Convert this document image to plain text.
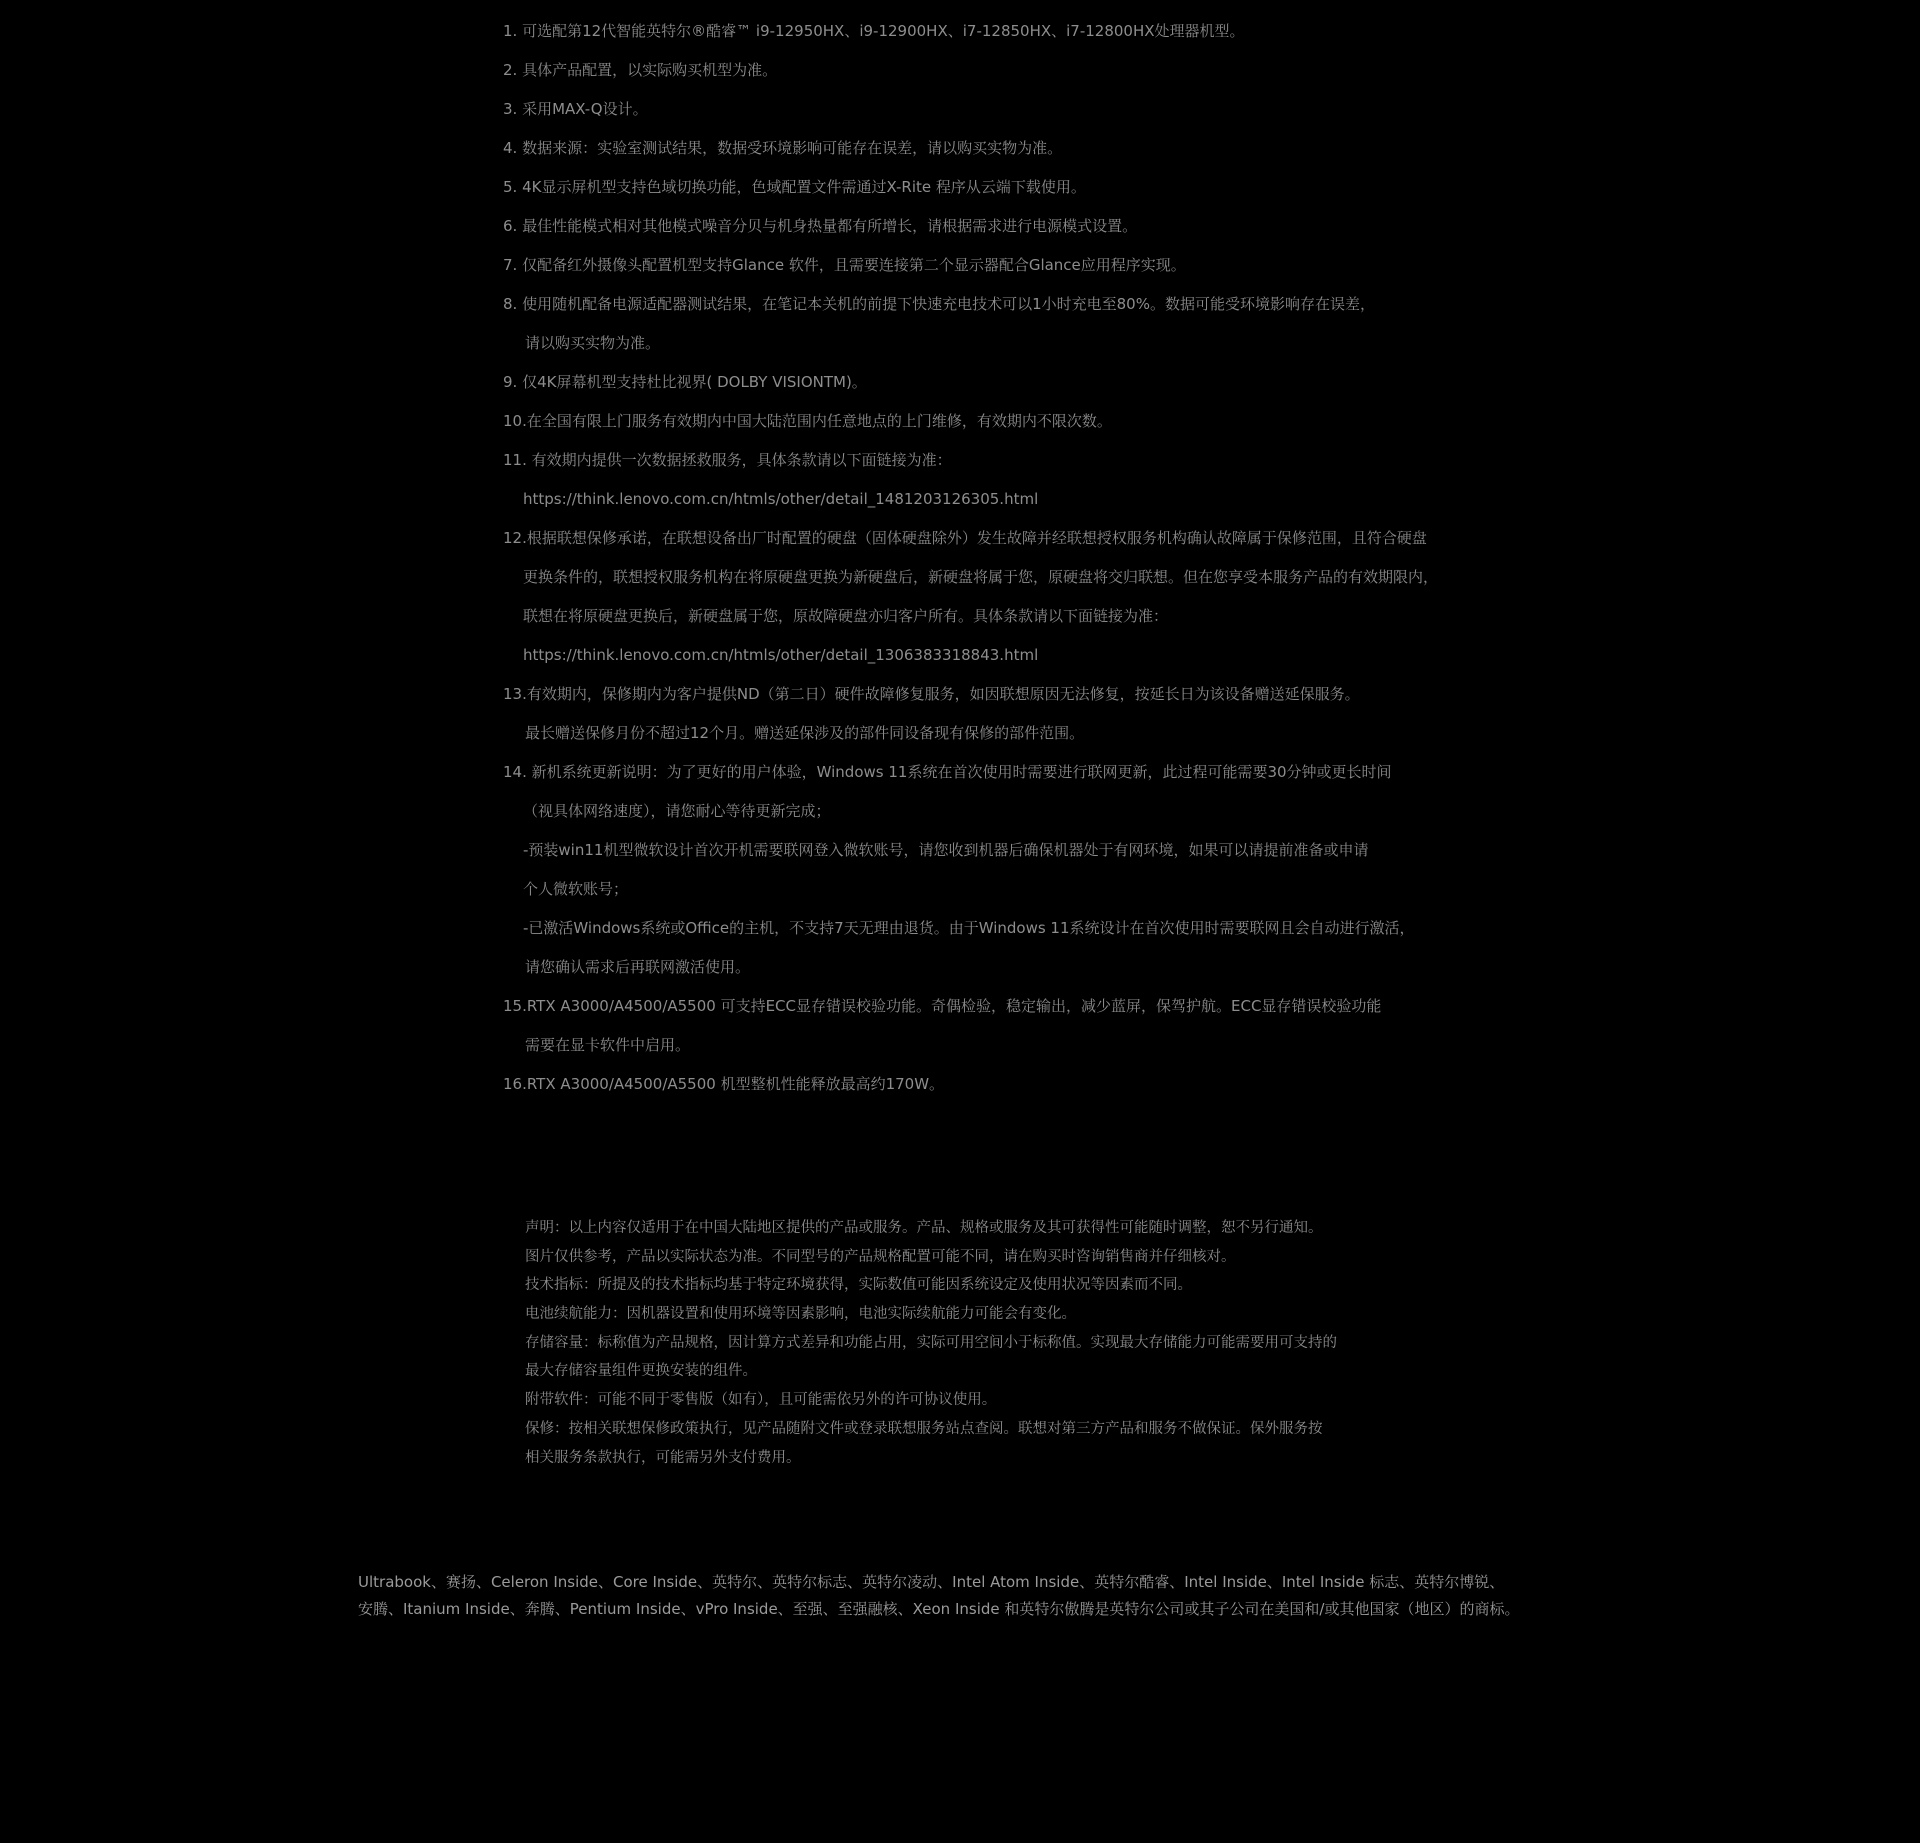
1. 可选配第12代智能英特尔®酷睿™ i9-12950HX、i9-12900HX、i7-12850HX、i7-12800HX处理器机型。
2. 具体产品配置，以实际购买机型为准。
3. 采用MAX-Q设计。
4. 数据来源：实验室测试结果，数据受环境影响可能存在误差，请以购买实物为准。
5. 4K显示屏机型支持色域切换功能，色域配置文件需通过X-Rite 程序从云端下载使用。
6. 最佳性能模式相对其他模式噪音分贝与机身热量都有所增长，请根据需求进行电源模式设置。
7. 仅配备红外摄像头配置机型支持Glance 软件，且需要连接第二个显示器配合Glance应用程序实现。
8. 使用随机配备电源适配器测试结果，在笔记本关机的前提下快速充电技术可以1小时充电至80%。数据可能受环境影响存在误差，
请以购买实物为准。
9. 仅4K屏幕机型支持杜比视界( DOLBY VISIONTM)。
10.在全国有限上门服务有效期内中国大陆范围内任意地点的上门维修，有效期内不限次数。
11. 有效期内提供一次数据拯救服务，具体条款请以下面链接为准：
https://think.lenovo.com.cn/htmls/other/detail_1481203126305.html
12.根据联想保修承诺，在联想设备出厂时配置的硬盘（固体硬盘除外）发生故障并经联想授权服务机构确认故障属于保修范围，且符合硬盘
更换条件的，联想授权服务机构在将原硬盘更换为新硬盘后，新硬盘将属于您，原硬盘将交归联想。但在您享受本服务产品的有效期限内，
联想在将原硬盘更换后，新硬盘属于您，原故障硬盘亦归客户所有。具体条款请以下面链接为准：
https://think.lenovo.com.cn/htmls/other/detail_1306383318843.html
13.有效期内，保修期内为客户提供ND（第二日）硬件故障修复服务，如因联想原因无法修复，按延长日为该设备赠送延保服务。
最长赠送保修月份不超过12个月。赠送延保涉及的部件同设备现有保修的部件范围。
14. 新机系统更新说明：为了更好的用户体验，Windows 11系统在首次使用时需要进行联网更新，此过程可能需要30分钟或更长时间
（视具体网络速度），请您耐心等待更新完成；
-预装win11机型微软设计首次开机需要联网登入微软账号，请您收到机器后确保机器处于有网环境，如果可以请提前准备或申请
个人微软账号；
-已激活Windows系统或Office的主机，不支持7天无理由退货。由于Windows 11系统设计在首次使用时需要联网且会自动进行激活，
请您确认需求后再联网激活使用。
15.RTX A3000/A4500/A5500 可支持ECC显存错误校验功能。奇偶检验，稳定输出，减少蓝屏，保驾护航。ECC显存错误校验功能
需要在显卡软件中启用。
16.RTX A3000/A4500/A5500 机型整机性能释放最高约170W。
声明：以上内容仅适用于在中国大陆地区提供的产品或服务。产品、规格或服务及其可获得性可能随时调整，恕不另行通知。
图片仅供参考，产品以实际状态为准。不同型号的产品规格配置可能不同，请在购买时咨询销售商并仔细核对。
技术指标：所提及的技术指标均基于特定环境获得，实际数值可能因系统设定及使用状况等因素而不同。
电池续航能力：因机器设置和使用环境等因素影响，电池实际续航能力可能会有变化。
存储容量：标称值为产品规格，因计算方式差异和功能占用，实际可用空间小于标称值。实现最大存储能力可能需要用可支持的
最大存储容量组件更换安装的组件。
附带软件：可能不同于零售版（如有），且可能需依另外的许可协议使用。
保修：按相关联想保修政策执行，见产品随附文件或登录联想服务站点查阅。联想对第三方产品和服务不做保证。保外服务按
相关服务条款执行，可能需另外支付费用。
Ultrabook、赛扬、Celeron Inside、Core Inside、英特尔、英特尔标志、英特尔凌动、Intel Atom Inside、英特尔酷睿、Intel Inside、Intel Inside 标志、英特尔博锐、
安腾、Itanium Inside、奔腾、Pentium Inside、vPro Inside、至强、至强融核、Xeon Inside 和英特尔傲腾是英特尔公司或其子公司在美国和/或其他国家（地区）的商标。
